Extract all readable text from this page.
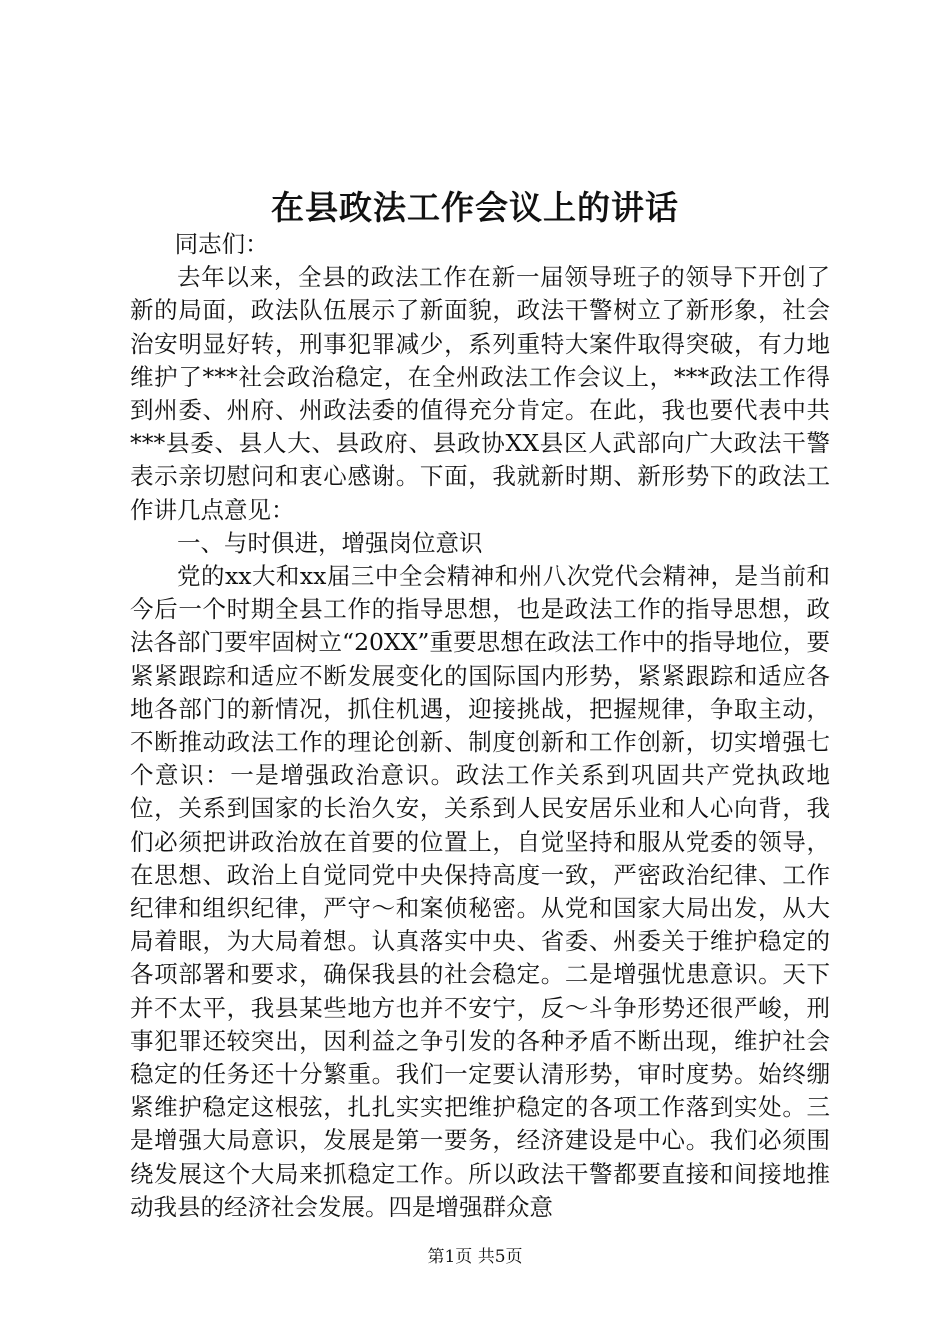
在县政法工作会议上的讲话

同志们：

去年以来，全县的政法工作在新一届领导班子的领导下开创了新的局面，政法队伍展示了新面貌，政法干警树立了新形象，社会治安明显好转，刑事犯罪减少，系列重特大案件取得突破，有力地维护了***社会政治稳定，在全州政法工作会议上，***政法工作得到州委、州府、州政法委的值得充分肯定。在此，我也要代表中共***县委、县人大、县政府、县政协XX县区人武部向广大政法干警表示亲切慰问和衷心感谢。下面，我就新时期、新形势下的政法工作讲几点意见：

一、与时俱进，增强岗位意识

党的xx大和xx届三中全会精神和州八次党代会精神，是当前和今后一个时期全县工作的指导思想，也是政法工作的指导思想，政法各部门要牢固树立“20XX”重要思想在政法工作中的指导地位，要紧紧跟踪和适应不断发展变化的国际国内形势，紧紧跟踪和适应各地各部门的新情况，抓住机遇，迎接挑战，把握规律，争取主动，不断推动政法工作的理论创新、制度创新和工作创新，切实增强七个意识：一是增强政治意识。政法工作关系到巩固共产党执政地位，关系到国家的长治久安，关系到人民安居乐业和人心向背，我们必须把讲政治放在首要的位置上，自觉坚持和服从党委的领导，在思想、政治上自觉同党中央保持高度一致，严密政治纪律、工作纪律和组织纪律，严守～和案侦秘密。从党和国家大局出发，从大局着眼，为大局着想。认真落实中央、省委、州委关于维护稳定的各项部署和要求，确保我县的社会稳定。二是增强忧患意识。天下并不太平，我县某些地方也并不安宁，反～斗争形势还很严峻，刑事犯罪还较突出，因利益之争引发的各种矛盾不断出现，维护社会稳定的任务还十分繁重。我们一定要认清形势，审时度势。始终绷紧维护稳定这根弦，扎扎实实把维护稳定的各项工作落到实处。三是增强大局意识，发展是第一要务，经济建设是中心。我们必须围绕发展这个大局来抓稳定工作。所以政法干警都要直接和间接地推动我县的经济社会发展。四是增强群众意

第1页 共5页
